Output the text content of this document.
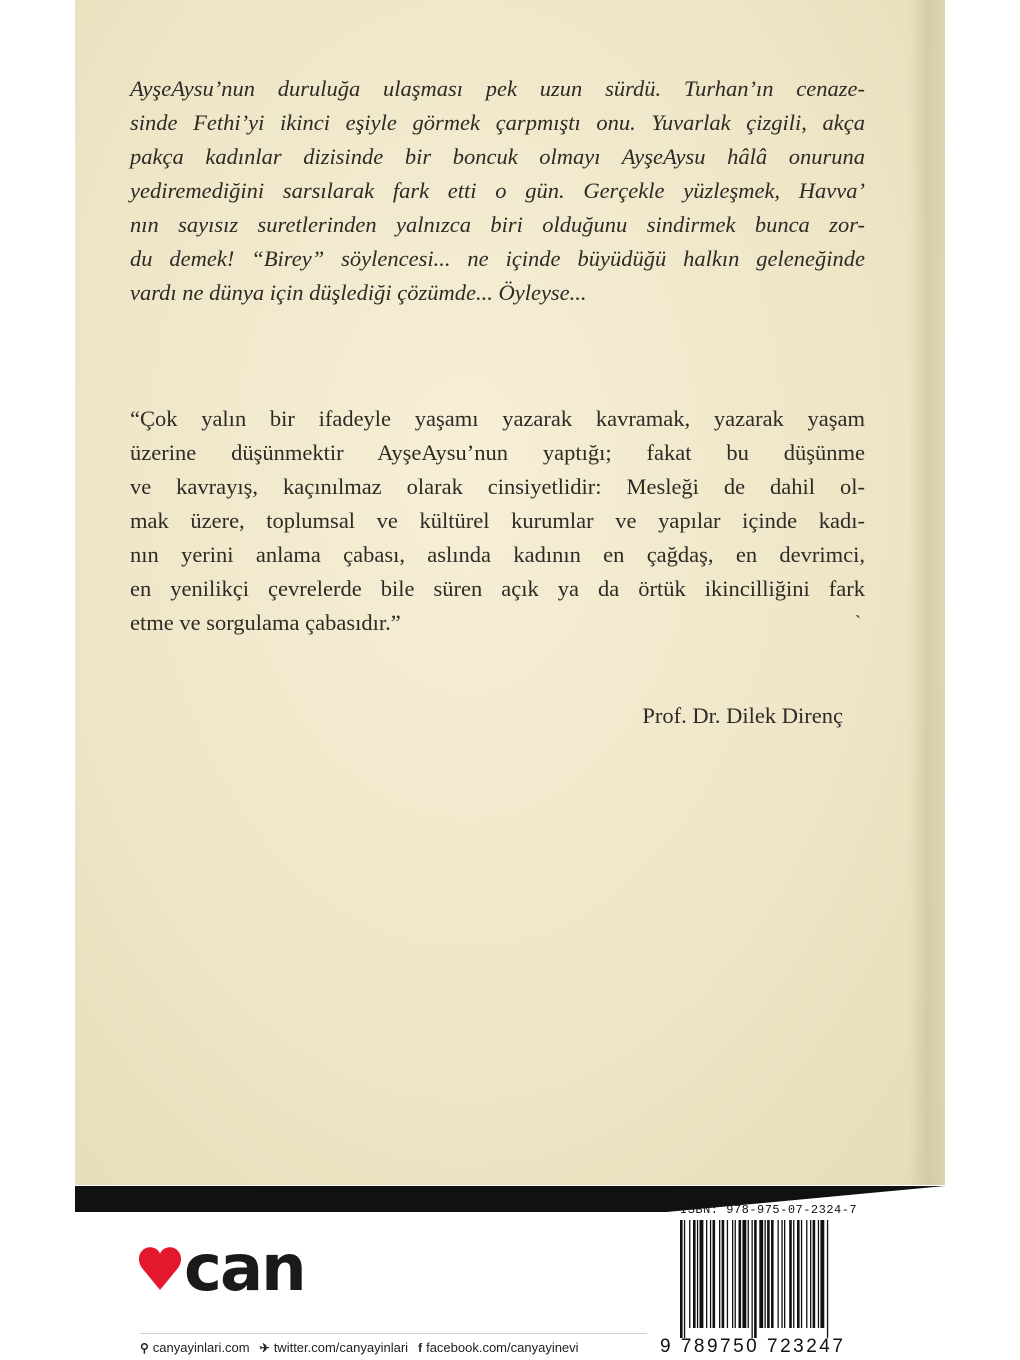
AyşeAysu’nun duruluğa ulaşması pek uzun sürdü. Turhan’ın cenaze-
sinde Fethi’yi ikinci eşiyle görmek çarpmıştı onu. Yuvarlak çizgili, akça
pakça kadınlar dizisinde bir boncuk olmayı AyşeAysu hâlâ onuruna
yediremediğini sarsılarak fark etti o gün. Gerçekle yüzleşmek, Havva’
nın sayısız suretlerinden yalnızca biri olduğunu sindirmek bunca zor-
du demek! “Birey” söylencesi... ne içinde büyüdüğü halkın geleneğinde
vardı ne dünya için düşlediği çözümde... Öyleyse...

“Çok yalın bir ifadeyle yaşamı yazarak kavramak, yazarak yaşam
üzerine düşünmektir AyşeAysu’nun yaptığı; fakat bu düşünme
ve kavrayış, kaçınılmaz olarak cinsiyetlidir: Mesleği de dahil ol-
mak üzere, toplumsal ve kültürel kurumlar ve yapılar içinde kadı-
nın yerini anlama çabası, aslında kadının en çağdaş, en devrimci,
en yenilikçi çevrelerde bile süren açık ya da örtük ikincilliğini fark
etme ve sorgulama çabasıdır.”	`
Prof. Dr. Dilek Direnç
can
⚲ canyayinlari.com ✈ twitter.com/canyayinlari f facebook.com/canyayinevi
ISBN: 978-975-07-2324-7
9 789750 723247
